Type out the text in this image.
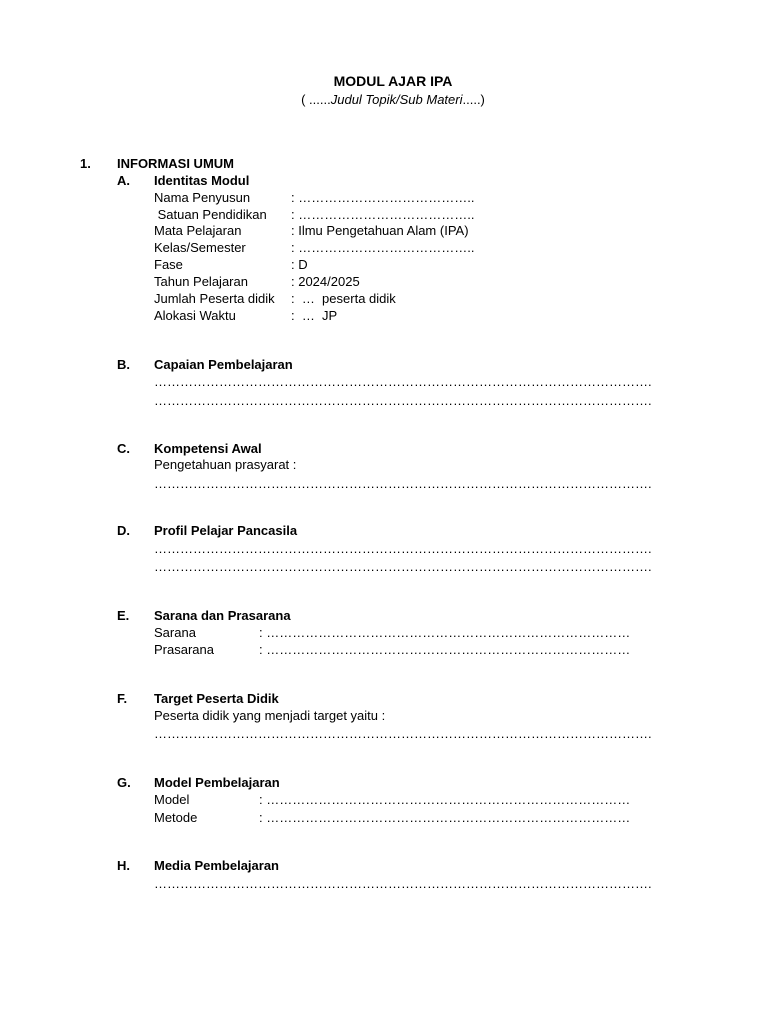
MODUL AJAR IPA
( ......Judul Topik/Sub Materi.....)
1. INFORMASI UMUM
A. Identitas Modul
Nama Penyusun	: …………………………………..
Satuan Pendidikan : …………………………………..
Mata Pelajaran	: Ilmu Pengetahuan Alam (IPA)
Kelas/Semester	: …………………………………..
Fase	: D
Tahun Pelajaran	: 2024/2025
Jumlah Peserta didik :  …  peserta didik
Alokasi Waktu	:  …  JP
B. Capaian Pembelajaran
…………………………………………………………………………………………………….
…………………………………………………………………………………………………….
C. Kompetensi Awal
Pengetahuan prasyarat :
…………………………………………………………………………………………………….
D. Profil Pelajar Pancasila
…………………………………………………………………………………………………….
…………………………………………………………………………………………………….
E. Sarana dan Prasarana
Sarana	: …………………………………………………………………………
Prasarana	: …………………………………………………………………………
F. Target Peserta Didik
Peserta didik yang menjadi target yaitu :
…………………………………………………………………………………………………….
G. Model Pembelajaran
Model	: …………………………………………………………………………
Metode	: …………………………………………………………………………
H. Media Pembelajaran
…………………………………………………………………………………………………….
